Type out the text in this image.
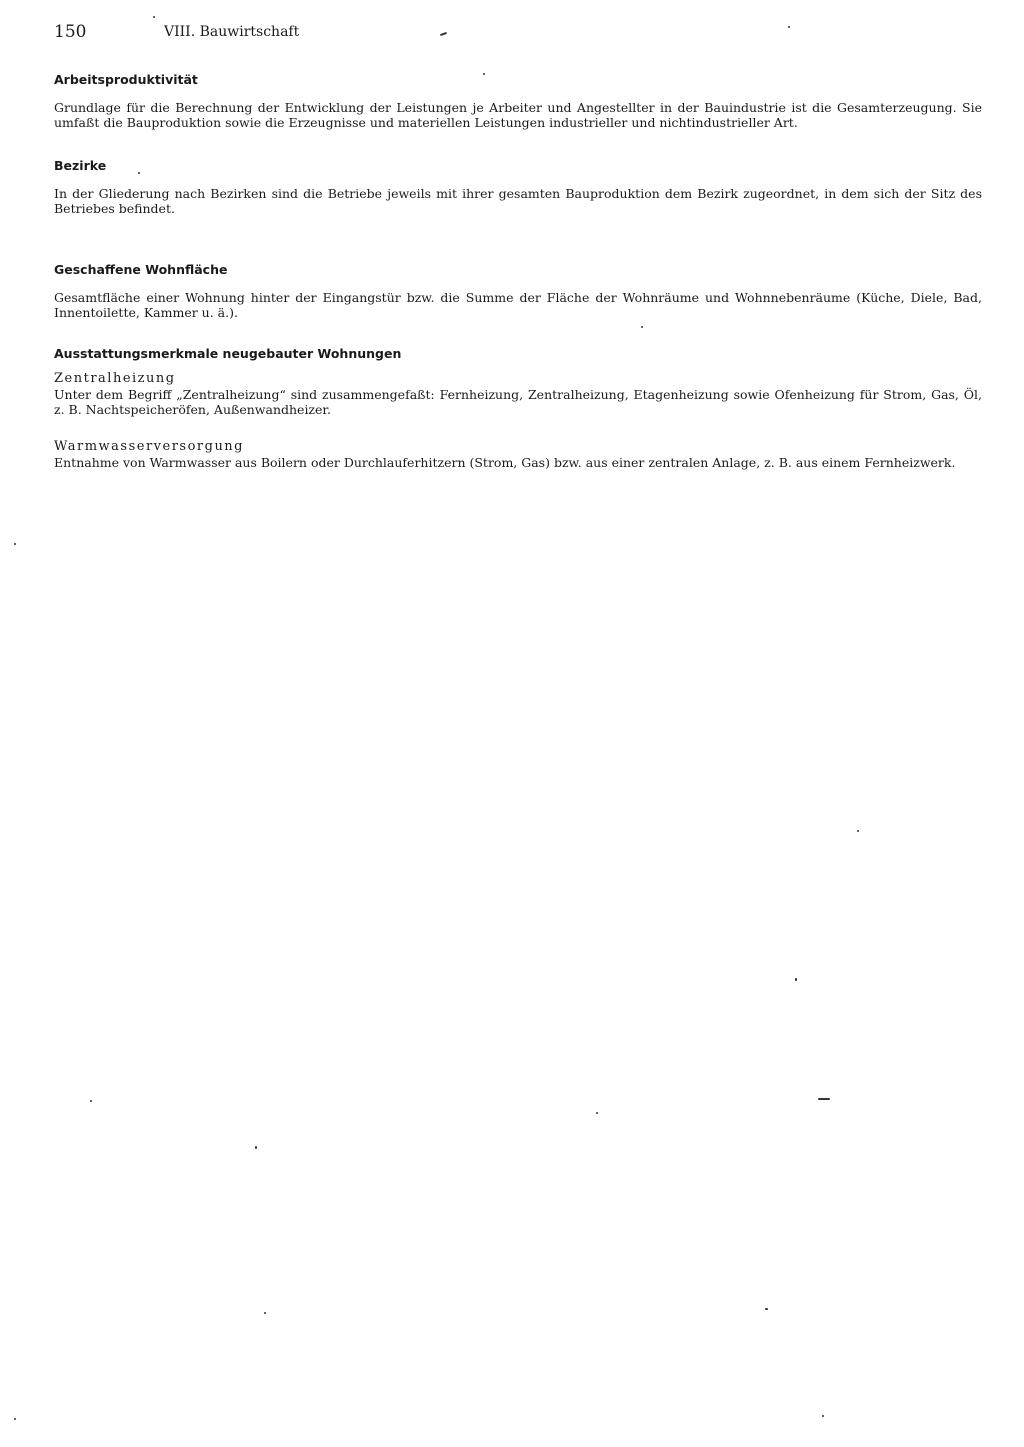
150	VIII. Bauwirtschaft

Arbeitsproduktivität

Grundlage für die Berechnung der Entwicklung der Leistungen je Arbeiter und Angestellter in der Bauindustrie ist die Gesamterzeugung. Sie umfaßt die Bauproduktion sowie die Erzeugnisse und materiellen Leistungen industrieller und nichtindustrieller Art.

Bezirke

In der Gliederung nach Bezirken sind die Betriebe jeweils mit ihrer gesamten Bauproduktion dem Bezirk zugeordnet, in dem sich der Sitz des Betriebes befindet.

Geschaffene Wohnfläche

Gesamtfläche einer Wohnung hinter der Eingangstür bzw. die Summe der Fläche der Wohnräume und Wohnnebenräume (Küche, Diele, Bad, Innentoilette, Kammer u. ä.).

Ausstattungsmerkmale neugebauter Wohnungen

Zentralheizung

Unter dem Begriff „Zentralheizung“ sind zusammengefaßt: Fernheizung, Zentralheizung, Etagenheizung sowie Ofenheizung für Strom, Gas, Öl, z. B. Nachtspeicheröfen, Außenwandheizer.

Warmwasserversorgung

Entnahme von Warmwasser aus Boilern oder Durchlauferhitzern (Strom, Gas) bzw. aus einer zentralen Anlage, z. B. aus einem Fernheizwerk.
